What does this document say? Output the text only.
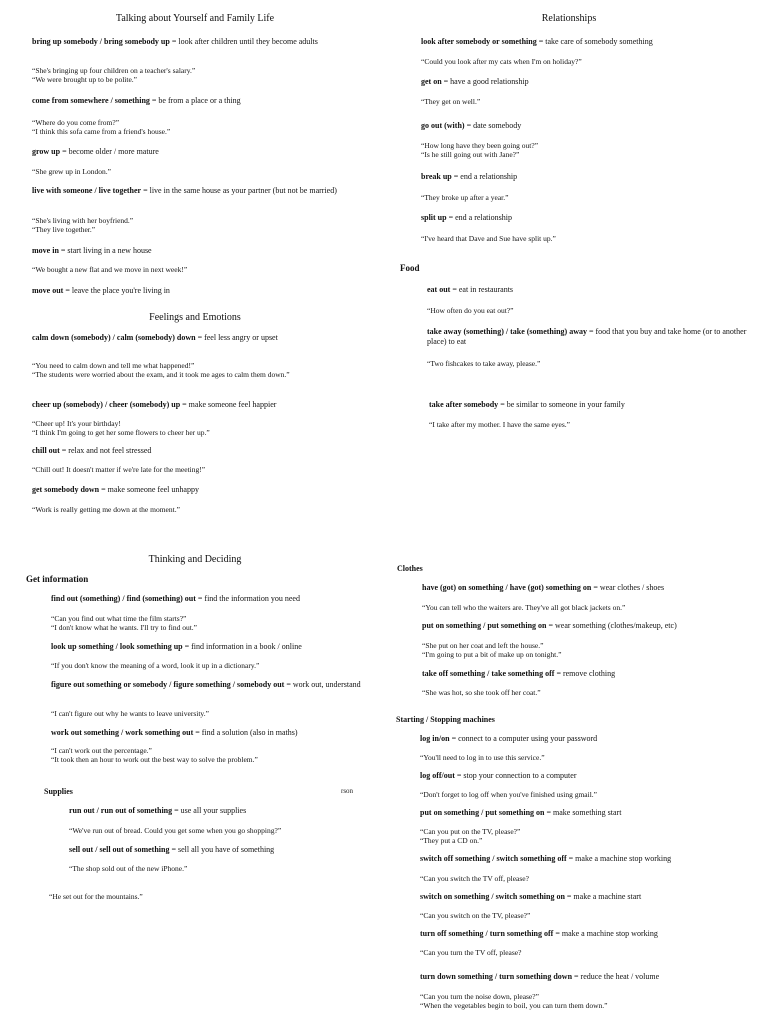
Talking about Yourself and Family Life
bring up somebody / bring somebody up = look after children until they become adults
“She's bringing up four children on a teacher's salary.”
“We were brought up to be polite.”
come from somewhere / something = be from a place or a thing
“Where do you come from?”
“I think this sofa came from a friend's house.”
grow up = become older / more mature
“She grew up in London.”
live with someone / live together = live in the same house as your partner (but not be married)
“She's living with her boyfriend.”
“They live together.”
move in = start living in a new house
“We bought a new flat and we move in next week!”
move out = leave the place you're living in
Feelings and Emotions
calm down (somebody) / calm (somebody) down = feel less angry or upset
“You need to calm down and tell me what happened!”
“The students were worried about the exam, and it took me ages to calm them down.”
cheer up (somebody) / cheer (somebody) up = make someone feel happier
“Cheer up! It's your birthday!
“I think I'm going to get her some flowers to cheer her up.”
chill out = relax and not feel stressed
“Chill out! It doesn't matter if we're late for the meeting!”
get somebody down = make someone feel unhappy
“Work is really getting me down at the moment.”
Relationships
look after somebody or something = take care of somebody something
“Could you look after my cats when I'm on holiday?”
get on = have a good relationship
“They get on well.”
go out (with) = date somebody
“How long have they been going out?”
“Is he still going out with Jane?”
break up = end a relationship
“They broke up after a year.”
split up = end a relationship
“I've heard that Dave and Sue have split up.”
Food
eat out = eat in restaurants
“How often do you eat out?”
take away (something) / take (something) away = food that you buy and take home (or to another place) to eat
“Two fishcakes to take away, please.”
take after somebody = be similar to someone in your family
“I take after my mother. I have the same eyes.”
Thinking and Deciding
Get information
find out (something) / find (something) out = find the information you need
“Can you find out what time the film starts?”
“I don't know what he wants. I'll try to find out.”
look up something / look something up = find information in a book / online
“If you don't know the meaning of a word, look it up in a dictionary.”
figure out something or somebody / figure something / somebody out = work out, understand
“I can't figure out why he wants to leave university.”
work out something / work something out = find a solution (also in maths)
“I can't work out the percentage.”
“It took then an hour to work out the best way to solve the problem.”
Supplies	rson
run out / run out of something = use all your supplies
“We've run out of bread. Could you get some when you go shopping?”
sell out / sell out of something = sell all you have of something
“The shop sold out of the new iPhone.”
“He set out for the mountains.”
Clothes
have (got) on something / have (got) something on = wear clothes / shoes
“You can tell who the waiters are. They've all got black jackets on.”
put on something / put something on = wear something (clothes/makeup, etc)
“She put on her coat and left the house.”
“I'm going to put a bit of make up on tonight.”
take off something / take something off = remove clothing
“She was hot, so she took off her coat.”
Starting / Stopping machines
log in/on = connect to a computer using your password
“You'll need to log in to use this service.”
log off/out = stop your connection to a computer
“Don't forget to log off when you've finished using gmail.”
put on something / put something on = make something start
“Can you put on the TV, please?”
“They put a CD on.”
switch off something / switch something off = make a machine stop working
“Can you switch the TV off, please?
switch on something / switch something on = make a machine start
“Can you switch on the TV, please?”
turn off something / turn something off = make a machine stop working
“Can you turn the TV off, please?
turn down something / turn something down = reduce the heat / volume
“Can you turn the noise down, please?”
“When the vegetables begin to boil, you can turn them down.”
